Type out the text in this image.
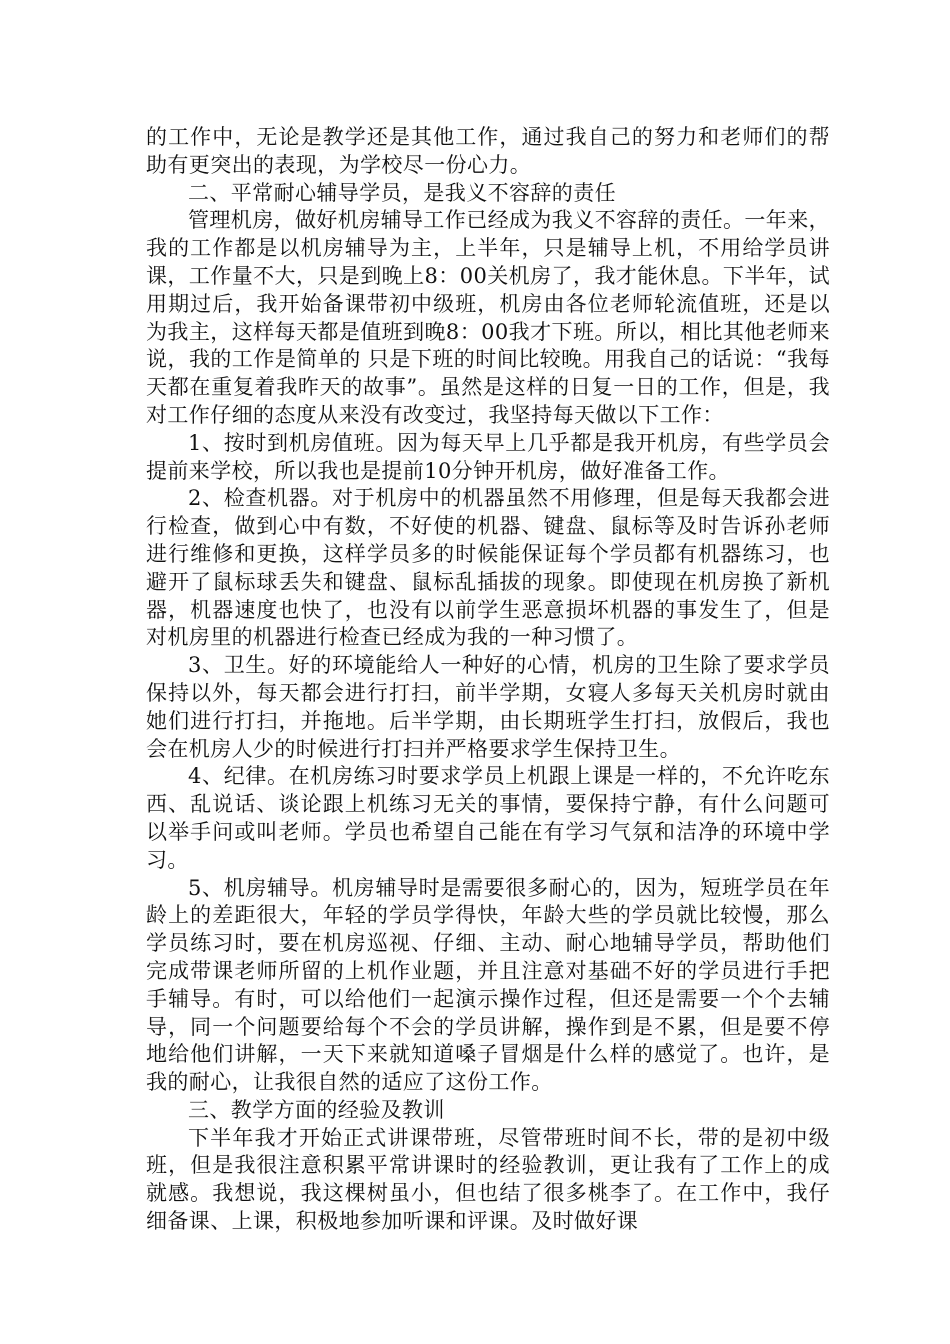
的工作中，无论是教学还是其他工作，通过我自己的努力和老师们的帮助有更突出的表现，为学校尽一份心力。

二、平常耐心辅导学员，是我义不容辞的责任

管理机房，做好机房辅导工作已经成为我义不容辞的责任。一年来，我的工作都是以机房辅导为主，上半年，只是辅导上机，不用给学员讲课，工作量不大，只是到晚上8：00关机房了，我才能休息。下半年，试用期过后，我开始备课带初中级班，机房由各位老师轮流值班，还是以为我主，这样每天都是值班到晚8：00我才下班。所以，相比其他老师来说，我的工作是简单的 只是下班的时间比较晚。用我自己的话说：“我每天都在重复着我昨天的故事”。虽然是这样的日复一日的工作，但是，我对工作仔细的态度从来没有改变过，我坚持每天做以下工作：

1、按时到机房值班。因为每天早上几乎都是我开机房，有些学员会提前来学校，所以我也是提前10分钟开机房，做好准备工作。

2、检查机器。对于机房中的机器虽然不用修理，但是每天我都会进行检查，做到心中有数，不好使的机器、键盘、鼠标等及时告诉孙老师进行维修和更换，这样学员多的时候能保证每个学员都有机器练习，也避开了鼠标球丢失和键盘、鼠标乱插拔的现象。即使现在机房换了新机器，机器速度也快了，也没有以前学生恶意损坏机器的事发生了，但是对机房里的机器进行检查已经成为我的一种习惯了。

3、卫生。好的环境能给人一种好的心情，机房的卫生除了要求学员保持以外，每天都会进行打扫，前半学期，女寝人多每天关机房时就由她们进行打扫，并拖地。后半学期，由长期班学生打扫，放假后，我也会在机房人少的时候进行打扫并严格要求学生保持卫生。

4、纪律。在机房练习时要求学员上机跟上课是一样的，不允许吃东西、乱说话、谈论跟上机练习无关的事情，要保持宁静，有什么问题可以举手问或叫老师。学员也希望自己能在有学习气氛和洁净的环境中学习。

5、机房辅导。机房辅导时是需要很多耐心的，因为，短班学员在年龄上的差距很大，年轻的学员学得快，年龄大些的学员就比较慢，那么学员练习时，要在机房巡视、仔细、主动、耐心地辅导学员，帮助他们完成带课老师所留的上机作业题，并且注意对基础不好的学员进行手把手辅导。有时，可以给他们一起演示操作过程，但还是需要一个个去辅导，同一个问题要给每个不会的学员讲解，操作到是不累，但是要不停地给他们讲解，一天下来就知道嗓子冒烟是什么样的感觉了。也许，是我的耐心，让我很自然的适应了这份工作。

三、教学方面的经验及教训

下半年我才开始正式讲课带班，尽管带班时间不长，带的是初中级班，但是我很注意积累平常讲课时的经验教训，更让我有了工作上的成就感。我想说，我这棵树虽小，但也结了很多桃李了。在工作中，我仔细备课、上课，积极地参加听课和评课。及时做好课
